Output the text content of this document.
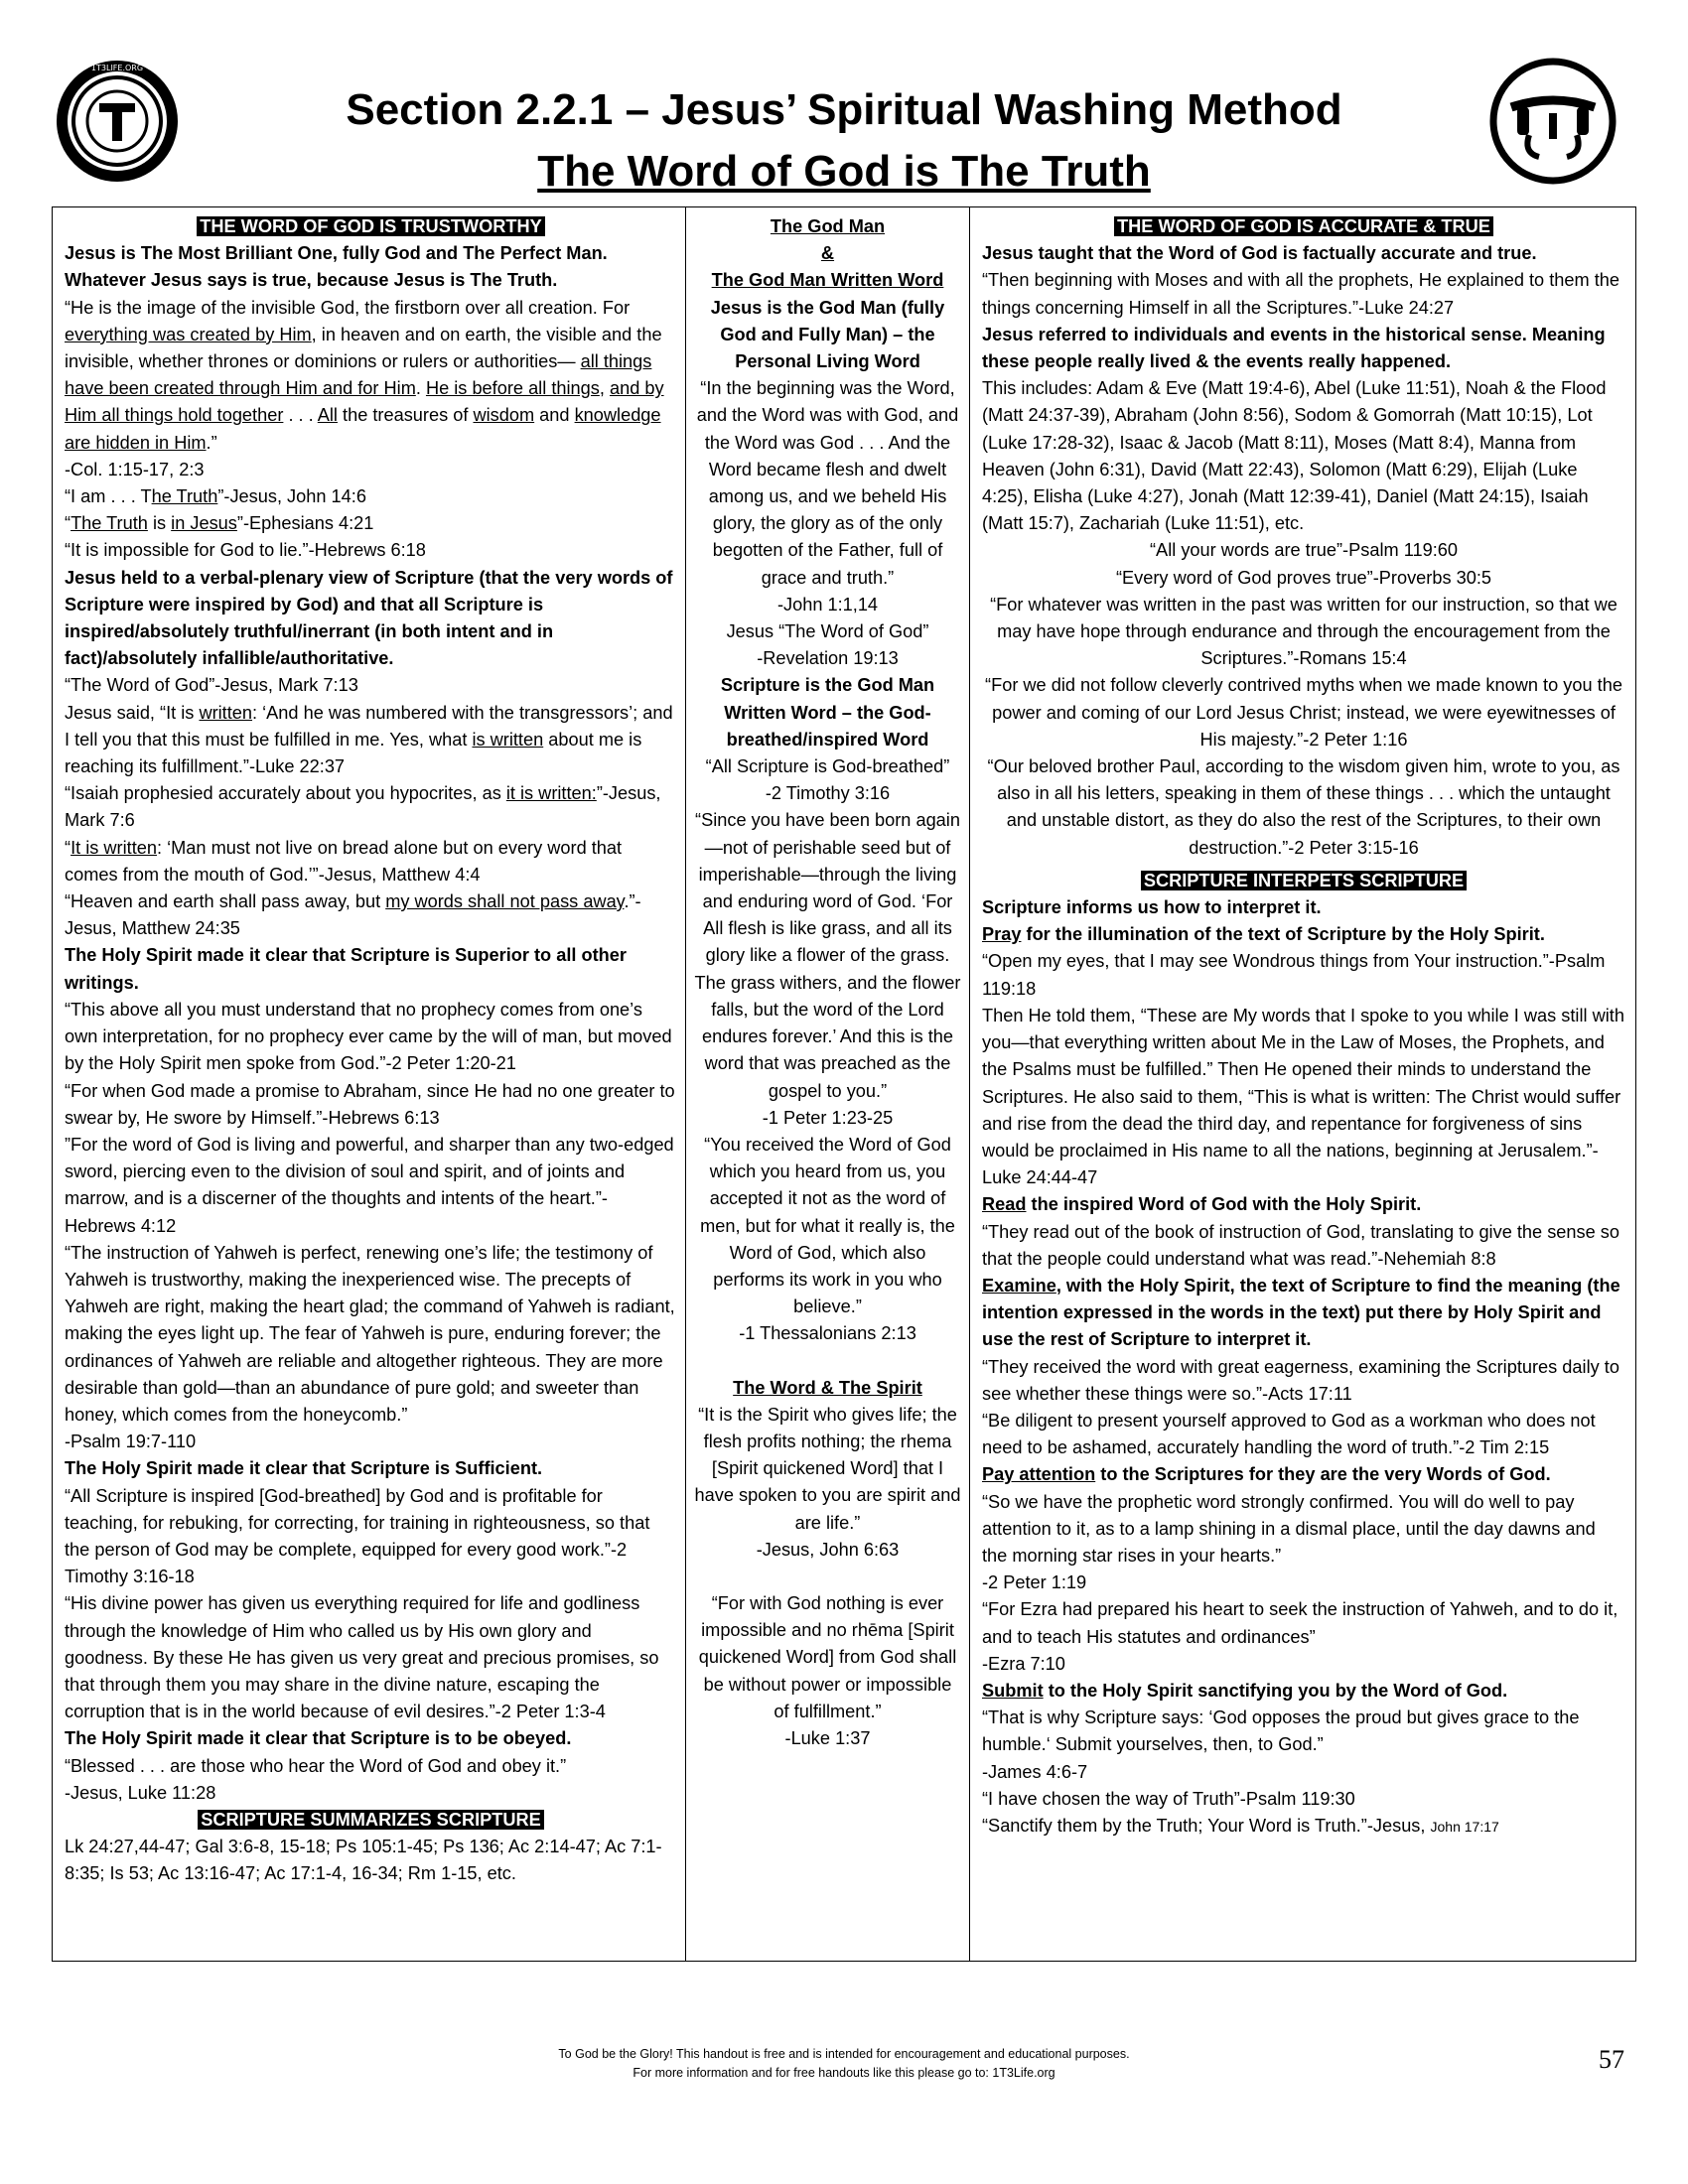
1T3LIFE.ORG
Section 2.2.1 – Jesus’ Spiritual Washing Method
The Word of God is The Truth
THE WORD OF GOD IS TRUSTWORTHY

Jesus is The Most Brilliant One, fully God and The Perfect Man. Whatever Jesus says is true, because Jesus is The Truth.

“He is the image of the invisible God, the firstborn over all creation. For everything was created by Him, in heaven and on earth, the visible and the invisible, whether thrones or dominions or rulers or authorities— all things have been created through Him and for Him. He is before all things, and by Him all things hold together . . . All the treasures of wisdom and knowledge are hidden in Him.”

-Col. 1:15-17, 2:3

“I am . . . The Truth”-Jesus, John 14:6

“The Truth is in Jesus”-Ephesians 4:21

“It is impossible for God to lie.”-Hebrews 6:18

Jesus held to a verbal-plenary view of Scripture (that the very words of Scripture were inspired by God) and that all Scripture is inspired/absolutely truthful/inerrant (in both intent and in fact)/absolutely infallible/authoritative.

“The Word of God”-Jesus, Mark 7:13

Jesus said, “It is written: ‘And he was numbered with the transgressors’; and I tell you that this must be fulfilled in me. Yes, what is written about me is reaching its fulfillment.”-Luke 22:37

“Isaiah prophesied accurately about you hypocrites, as it is written:”-Jesus, Mark 7:6

“It is written: ‘Man must not live on bread alone but on every word that comes from the mouth of God.’”-Jesus, Matthew 4:4

“Heaven and earth shall pass away, but my words shall not pass away.”-Jesus, Matthew 24:35

The Holy Spirit made it clear that Scripture is Superior to all other writings.

“This above all you must understand that no prophecy comes from one’s own interpretation, for no prophecy ever came by the will of man, but moved by the Holy Spirit men spoke from God.”-2 Peter 1:20-21

“For when God made a promise to Abraham, since He had no one greater to swear by, He swore by Himself.”-Hebrews 6:13

”For the word of God is living and powerful, and sharper than any two-edged sword, piercing even to the division of soul and spirit, and of joints and marrow, and is a discerner of the thoughts and intents of the heart.”-Hebrews 4:12

“The instruction of Yahweh is perfect, renewing one’s life; the testimony of Yahweh is trustworthy, making the inexperienced wise. The precepts of Yahweh are right, making the heart glad; the command of Yahweh is radiant, making the eyes light up. The fear of Yahweh is pure, enduring forever; the ordinances of Yahweh are reliable and altogether righteous. They are more desirable than gold—than an abundance of pure gold; and sweeter than honey, which comes from the honeycomb.”

-Psalm 19:7-110

The Holy Spirit made it clear that Scripture is Sufficient.

“All Scripture is inspired [God-breathed] by God and is profitable for teaching, for rebuking, for correcting, for training in righteousness, so that the person of God may be complete, equipped for every good work.”-2 Timothy 3:16-18

“His divine power has given us everything required for life and godliness through the knowledge of Him who called us by His own glory and goodness. By these He has given us very great and precious promises, so that through them you may share in the divine nature, escaping the corruption that is in the world because of evil desires.”-2 Peter 1:3-4

The Holy Spirit made it clear that Scripture is to be obeyed.

“Blessed . . . are those who hear the Word of God and obey it.”

-Jesus, Luke 11:28

SCRIPTURE SUMMARIZES SCRIPTURE

Lk 24:27,44-47; Gal 3:6-8, 15-18; Ps 105:1-45; Ps 136; Ac 2:14-47; Ac 7:1-8:35; Is 53; Ac 13:16-47; Ac 17:1-4, 16-34; Rm 1-15, etc.

The God Man

&

The God Man Written Word

Jesus is the God Man (fully God and Fully Man) – the Personal Living Word

“In the beginning was the Word, and the Word was with God, and the Word was God . . . And the Word became flesh and dwelt among us, and we beheld His glory, the glory as of the only begotten of the Father, full of grace and truth.”

-John 1:1,14

Jesus “The Word of God”

-Revelation 19:13

Scripture is the God Man Written Word – the God-breathed/inspired Word

“All Scripture is God-breathed”

-2 Timothy 3:16

“Since you have been born again—not of perishable seed but of imperishable—through the living and enduring word of God. ‘For All flesh is like grass, and all its glory like a flower of the grass. The grass withers, and the flower falls, but the word of the Lord endures forever.’ And this is the word that was preached as the gospel to you.”

-1 Peter 1:23-25

“You received the Word of God which you heard from us, you accepted it not as the word of men, but for what it really is, the Word of God, which also performs its work in you who believe.”

-1 Thessalonians 2:13

The Word & The Spirit

“It is the Spirit who gives life; the flesh profits nothing; the rhema [Spirit quickened Word] that I have spoken to you are spirit and are life.”

-Jesus, John 6:63

“For with God nothing is ever impossible and no rhēma [Spirit quickened Word] from God shall be without power or impossible of fulfillment.”

-Luke 1:37

THE WORD OF GOD IS ACCURATE & TRUE

Jesus taught that the Word of God is factually accurate and true.

“Then beginning with Moses and with all the prophets, He explained to them the things concerning Himself in all the Scriptures.”-Luke 24:27

Jesus referred to individuals and events in the historical sense. Meaning these people really lived & the events really happened.

This includes: Adam & Eve (Matt 19:4-6), Abel (Luke 11:51), Noah & the Flood (Matt 24:37-39), Abraham (John 8:56), Sodom & Gomorrah (Matt 10:15), Lot (Luke 17:28-32), Isaac & Jacob (Matt 8:11), Moses (Matt 8:4), Manna from Heaven (John 6:31), David (Matt 22:43), Solomon (Matt 6:29), Elijah (Luke 4:25), Elisha (Luke 4:27), Jonah (Matt 12:39-41), Daniel (Matt 24:15), Isaiah (Matt 15:7), Zachariah (Luke 11:51), etc.

“All your words are true”-Psalm 119:60

“Every word of God proves true”-Proverbs 30:5

“For whatever was written in the past was written for our instruction, so that we may have hope through endurance and through the encouragement from the Scriptures.”-Romans 15:4

“For we did not follow cleverly contrived myths when we made known to you the power and coming of our Lord Jesus Christ; instead, we were eyewitnesses of His majesty.”-2 Peter 1:16

“Our beloved brother Paul, according to the wisdom given him, wrote to you, as also in all his letters, speaking in them of these things . . . which the untaught and unstable distort, as they do also the rest of the Scriptures, to their own destruction.”-2 Peter 3:15-16

SCRIPTURE INTERPETS SCRIPTURE

Scripture informs us how to interpret it.

Pray for the illumination of the text of Scripture by the Holy Spirit.

“Open my eyes, that I may see Wondrous things from Your instruction.”-Psalm 119:18

Then He told them, “These are My words that I spoke to you while I was still with you—that everything written about Me in the Law of Moses, the Prophets, and the Psalms must be fulfilled.” Then He opened their minds to understand the Scriptures. He also said to them, “This is what is written: The Christ would suffer and rise from the dead the third day, and repentance for forgiveness of sins would be proclaimed in His name to all the nations, beginning at Jerusalem.”-Luke 24:44-47

Read the inspired Word of God with the Holy Spirit.

“They read out of the book of instruction of God, translating to give the sense so that the people could understand what was read.”-Nehemiah 8:8

Examine, with the Holy Spirit, the text of Scripture to find the meaning (the intention expressed in the words in the text) put there by Holy Spirit and use the rest of Scripture to interpret it.

“They received the word with great eagerness, examining the Scriptures daily to see whether these things were so.”-Acts 17:11

“Be diligent to present yourself approved to God as a workman who does not need to be ashamed, accurately handling the word of truth.”-2 Tim 2:15

Pay attention to the Scriptures for they are the very Words of God.

“So we have the prophetic word strongly confirmed. You will do well to pay attention to it, as to a lamp shining in a dismal place, until the day dawns and the morning star rises in your hearts.”

-2 Peter 1:19

“For Ezra had prepared his heart to seek the instruction of Yahweh, and to do it, and to teach His statutes and ordinances”

-Ezra 7:10

Submit to the Holy Spirit sanctifying you by the Word of God.

“That is why Scripture says: ‘God opposes the proud but gives grace to the humble.‘ Submit yourselves, then, to God.”

-James 4:6-7

“I have chosen the way of Truth”-Psalm 119:30

“Sanctify them by the Truth; Your Word is Truth.”-Jesus, John 17:17

To God be the Glory! This handout is free and is intended for encouragement and educational purposes.
For more information and for free handouts like this please go to: 1T3Life.org	57
